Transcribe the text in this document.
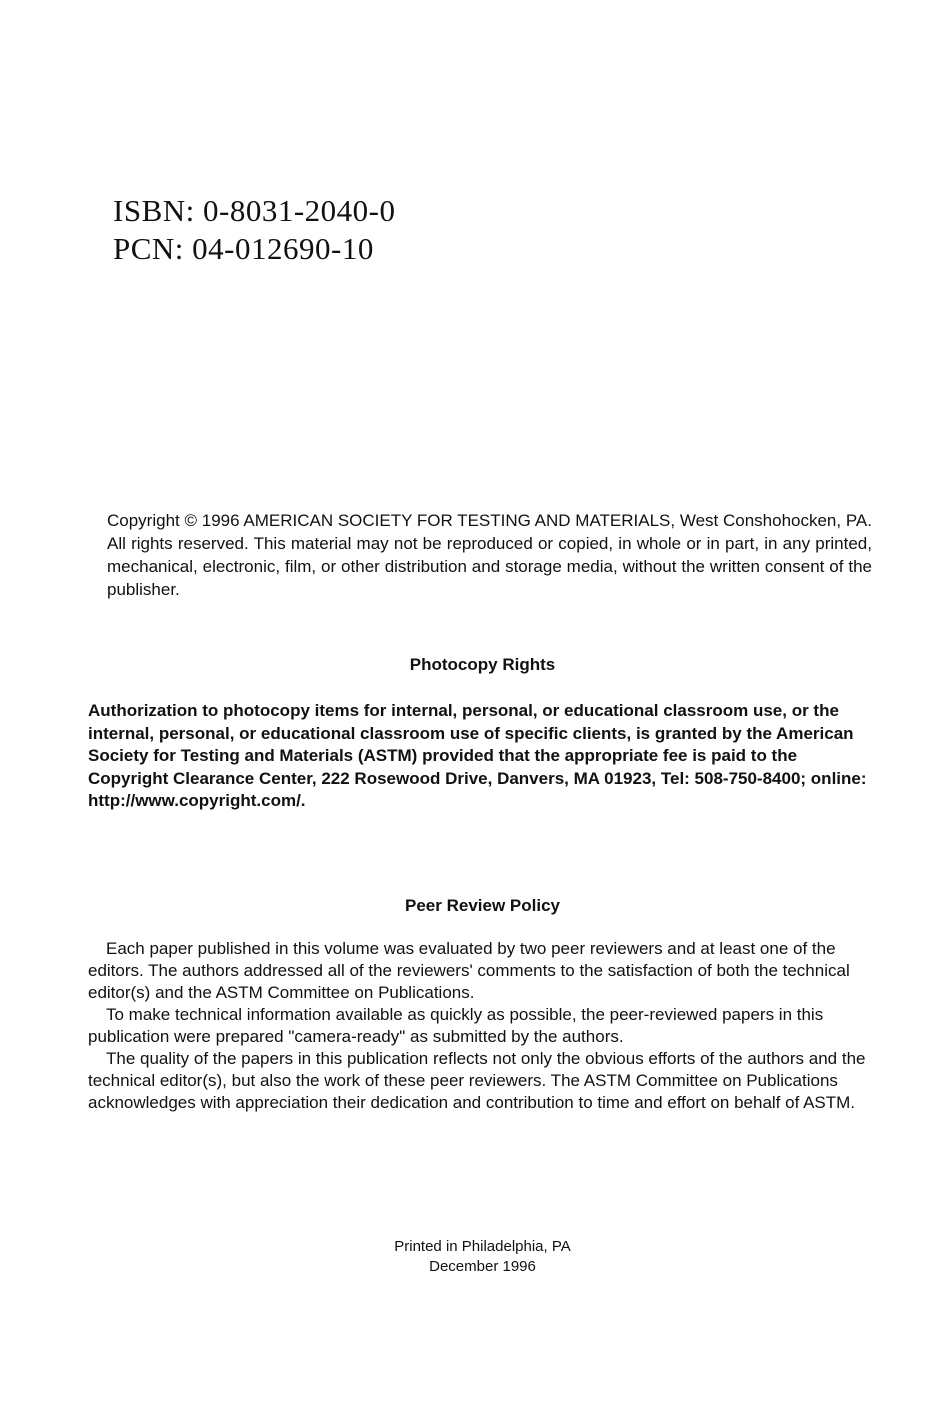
ISBN: 0-8031-2040-0
PCN: 04-012690-10
Copyright © 1996 AMERICAN SOCIETY FOR TESTING AND MATERIALS, West Conshohocken, PA. All rights reserved. This material may not be reproduced or copied, in whole or in part, in any printed, mechanical, electronic, film, or other distribution and storage media, without the written consent of the publisher.
Photocopy Rights
Authorization to photocopy items for internal, personal, or educational classroom use, or the internal, personal, or educational classroom use of specific clients, is granted by the American Society for Testing and Materials (ASTM) provided that the appropriate fee is paid to the Copyright Clearance Center, 222 Rosewood Drive, Danvers, MA 01923, Tel: 508-750-8400; online: http://www.copyright.com/.
Peer Review Policy

Each paper published in this volume was evaluated by two peer reviewers and at least one of the editors. The authors addressed all of the reviewers' comments to the satisfaction of both the technical editor(s) and the ASTM Committee on Publications.

To make technical information available as quickly as possible, the peer-reviewed papers in this publication were prepared "camera-ready" as submitted by the authors.

The quality of the papers in this publication reflects not only the obvious efforts of the authors and the technical editor(s), but also the work of these peer reviewers. The ASTM Committee on Publications acknowledges with appreciation their dedication and contribution to time and effort on behalf of ASTM.

Printed in Philadelphia, PA
December 1996
